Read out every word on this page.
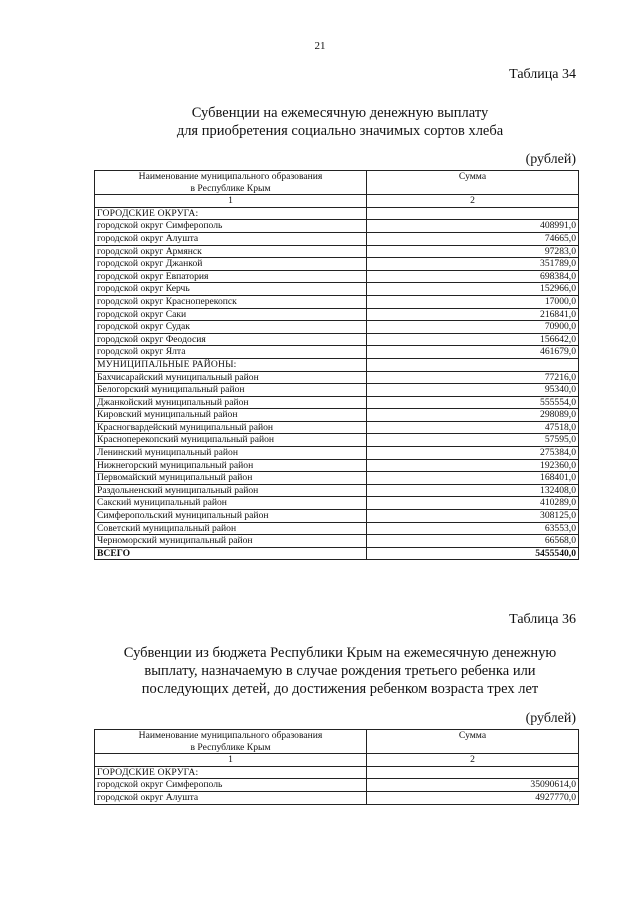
21
Таблица 34
Субвенции на ежемесячную денежную выплату
для приобретения социально значимых сортов хлеба
(рублей)
Наименование муниципального образования
в Республике Крым	Сумма
1	2
ГОРОДСКИЕ ОКРУГА:	
городской округ Симферополь	408991,0
городской округ Алушта	74665,0
городской округ Армянск	97283,0
городской округ Джанкой	351789,0
городской округ Евпатория	698384,0
городской округ Керчь	152966,0
городской округ Красноперекопск	17000,0
городской округ Саки	216841,0
городской округ Судак	70900,0
городской округ Феодосия	156642,0
городской округ Ялта	461679,0
МУНИЦИПАЛЬНЫЕ РАЙОНЫ:	
Бахчисарайский муниципальный район	77216,0
Белогорский муниципальный район	95340,0
Джанкойский муниципальный район	555554,0
Кировский муниципальный район	298089,0
Красногвардейский муниципальный район	47518,0
Красноперекопский муниципальный район	57595,0
Ленинский муниципальный район	275384,0
Нижнегорский муниципальный район	192360,0
Первомайский муниципальный район	168401,0
Раздольненский муниципальный район	132408,0
Сакский муниципальный район	410289,0
Симферопольский муниципальный район	308125,0
Советский муниципальный район	63553,0
Черноморский муниципальный район	66568,0
ВСЕГО	5455540,0
Таблица 36
Субвенции из бюджета Республики Крым на ежемесячную денежную
выплату, назначаемую в случае рождения третьего ребенка или
последующих детей, до достижения ребенком возраста трех лет
(рублей)
Наименование муниципального образования
в Республике Крым	Сумма
1	2
ГОРОДСКИЕ ОКРУГА:	
городской округ Симферополь	35090614,0
городской округ Алушта	4927770,0
